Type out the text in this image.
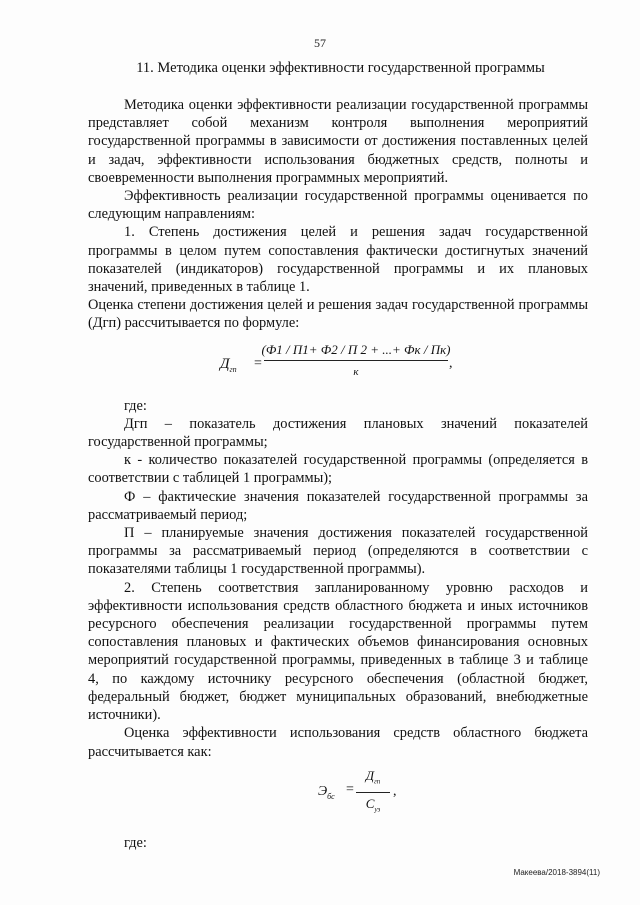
57
11. Методика оценки эффективности государственной программы

Методика оценки эффективности реализации государственной программы представляет собой механизм контроля выполнения мероприятий государственной программы в зависимости от достижения поставленных целей и задач, эффективности использования бюджетных средств, полноты и своевременности выполнения программных мероприятий.

Эффективность реализации государственной программы оценивается по следующим направлениям:

1. Степень достижения целей и решения задач государственной программы в целом путем сопоставления фактически достигнутых значений показателей (индикаторов) государственной программы и их плановых значений, приведенных в таблице 1.

Оценка степени достижения целей и решения задач государственной программы (Дгп) рассчитывается по формуле:

$Д_{гп}$ =
(Ф1 / П1+ Ф2 / П 2 + ...+ Фк / Пк)
к
,

где:

Дгп – показатель достижения плановых значений показателей государственной программы;

к - количество показателей государственной программы (определяется в соответствии с таблицей 1 программы);

Ф – фактические значения показателей государственной программы за рассматриваемый период;

П – планируемые значения достижения показателей государственной программы за рассматриваемый период (определяются в соответствии с показателями таблицы 1 государственной программы).

2. Степень соответствия запланированному уровню расходов и эффективности использования средств областного бюджета и иных источников ресурсного обеспечения реализации государственной программы путем сопоставления плановых и фактических объемов финансирования основных мероприятий государственной программы, приведенных в таблице 3 и таблице 4, по каждому источнику ресурсного обеспечения (областной бюджет, федеральный бюджет, бюджет муниципальных образований, внебюджетные источники).

Оценка эффективности использования средств областного бюджета рассчитывается как:

$Э_{бс}$ =
$Д_{гп}$
$С_{уз}$
,

где:

Макеева/2018-3894(11)
